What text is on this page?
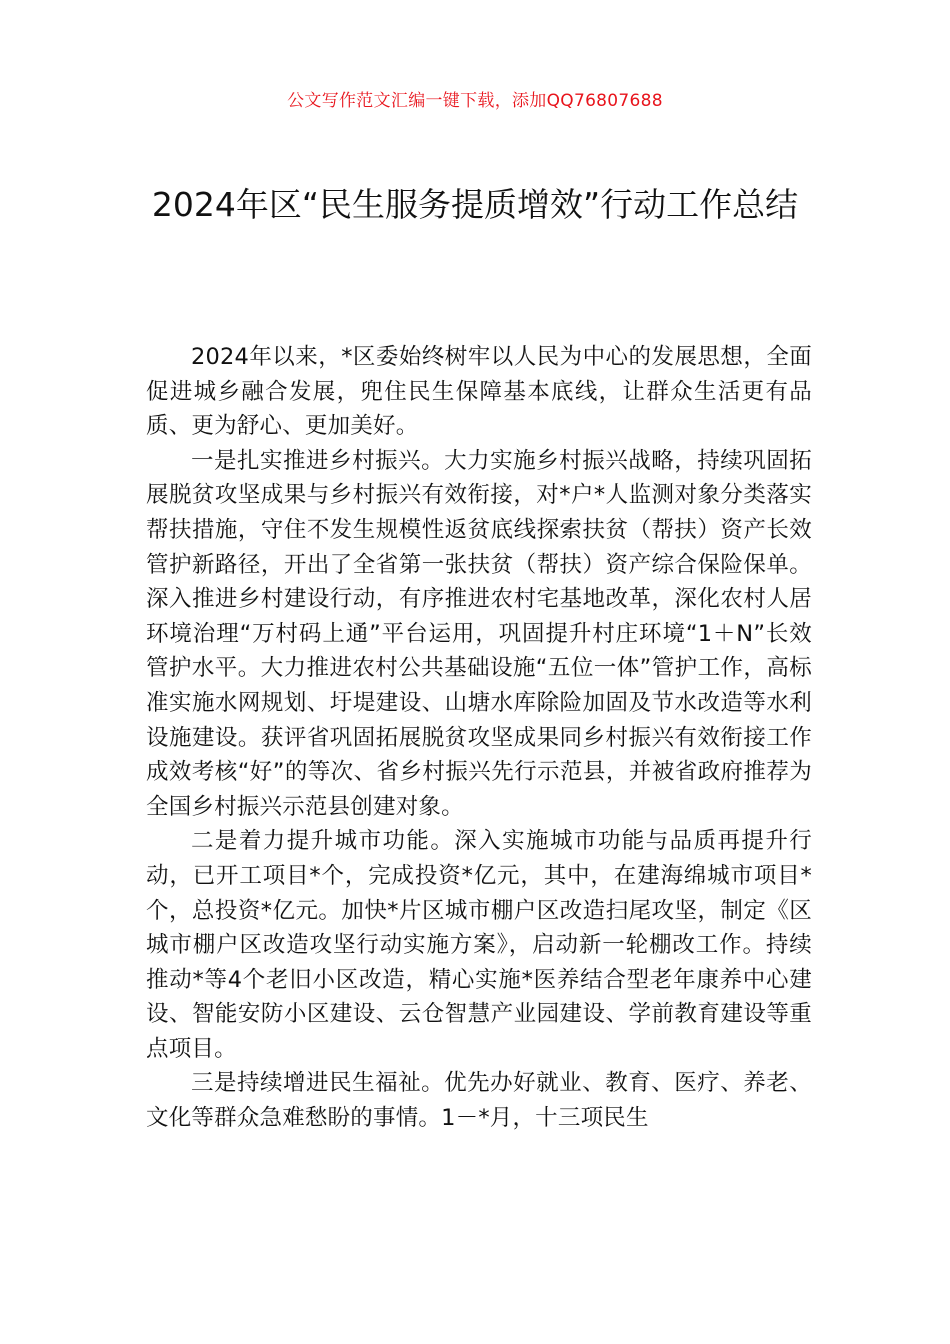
公文写作范文汇编一键下载，添加QQ76807688
2024年区“民生服务提质增效”行动工作总结

2024年以来，*区委始终树牢以人民为中心的发展思想，全面促进城乡融合发展，兜住民生保障基本底线，让群众生活更有品质、更为舒心、更加美好。

一是扎实推进乡村振兴。大力实施乡村振兴战略，持续巩固拓展脱贫攻坚成果与乡村振兴有效衔接，对*户*人监测对象分类落实帮扶措施，守住不发生规模性返贫底线探索扶贫（帮扶）资产长效管护新路径，开出了全省第一张扶贫（帮扶）资产综合保险保单。深入推进乡村建设行动，有序推进农村宅基地改革，深化农村人居环境治理“万村码上通”平台运用，巩固提升村庄环境“1＋N”长效管护水平。大力推进农村公共基础设施“五位一体”管护工作，高标准实施水网规划、圩堤建设、山塘水库除险加固及节水改造等水利设施建设。获评省巩固拓展脱贫攻坚成果同乡村振兴有效衔接工作成效考核“好”的等次、省乡村振兴先行示范县，并被省政府推荐为全国乡村振兴示范县创建对象。

二是着力提升城市功能。深入实施城市功能与品质再提升行动，已开工项目*个，完成投资*亿元，其中，在建海绵城市项目*个，总投资*亿元。加快*片区城市棚户区改造扫尾攻坚，制定《区城市棚户区改造攻坚行动实施方案》，启动新一轮棚改工作。持续推动*等4个老旧小区改造，精心实施*医养结合型老年康养中心建设、智能安防小区建设、云仓智慧产业园建设、学前教育建设等重点项目。

三是持续增进民生福祉。优先办好就业、教育、医疗、养老、文化等群众急难愁盼的事情。1－*月，十三项民生
